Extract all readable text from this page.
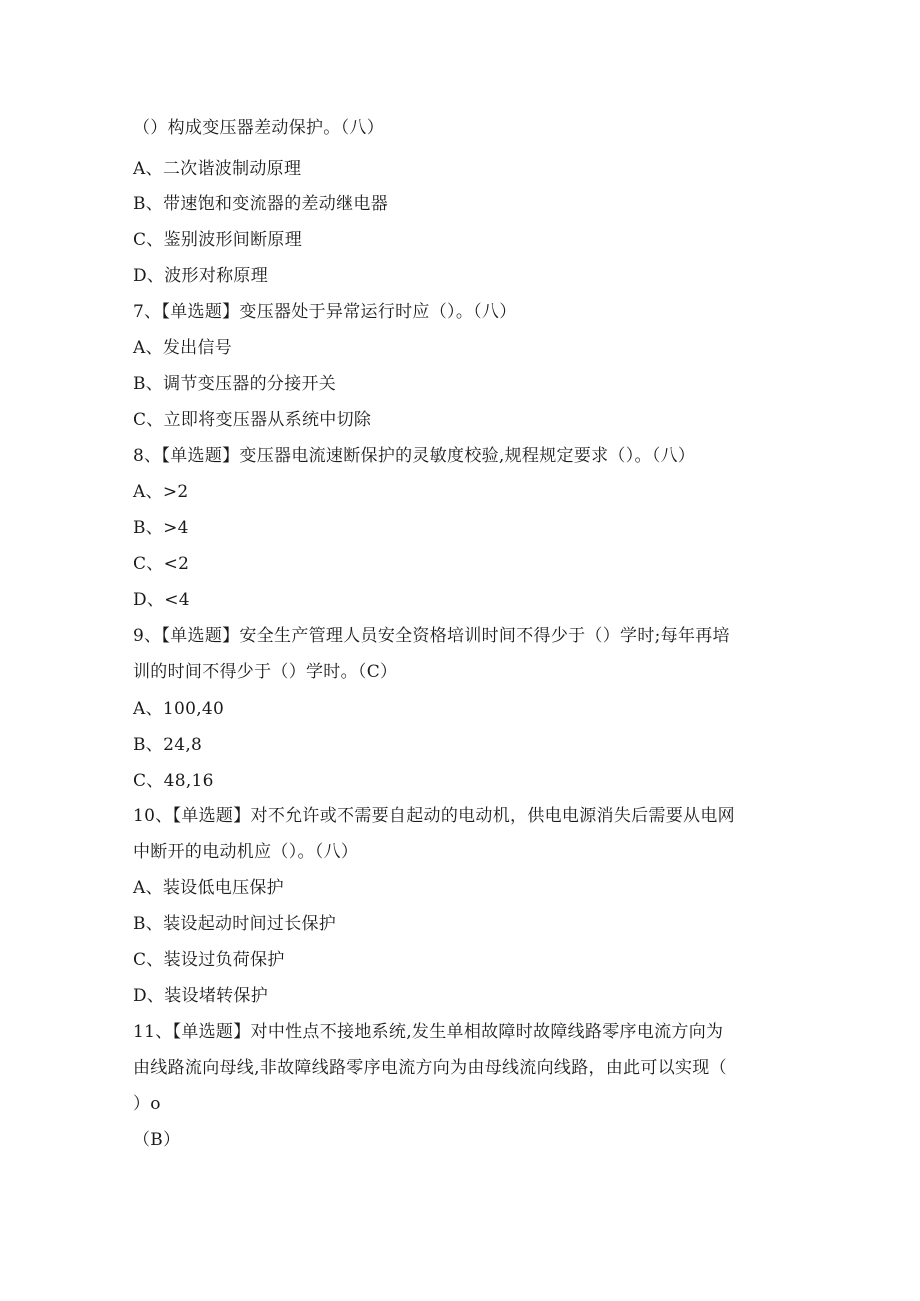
（）构成变压器差动保护。（八）
A、二次谐波制动原理
B、带速饱和变流器的差动继电器
C、鉴别波形间断原理
D、波形对称原理
7、【单选题】变压器处于异常运行时应（）。（八）
A、发出信号
B、调节变压器的分接开关
C、立即将变压器从系统中切除
8、【单选题】变压器电流速断保护的灵敏度校验,规程规定要求（）。（八）
A、>2
B、>4
C、<2
D、<4
9、【单选题】安全生产管理人员安全资格培训时间不得少于（）学时;每年再培
训的时间不得少于（）学时。（C）
A、100,40
B、24,8
C、48,16
10、【单选题】对不允许或不需要自起动的电动机，供电电源消失后需要从电网
中断开的电动机应（）。（八）
A、装设低电压保护
B、装设起动时间过长保护
C、装设过负荷保护
D、装设堵转保护
11、【单选题】对中性点不接地系统,发生单相故障时故障线路零序电流方向为
由线路流向母线,非故障线路零序电流方向为由母线流向线路，由此可以实现（
）o
（B）
